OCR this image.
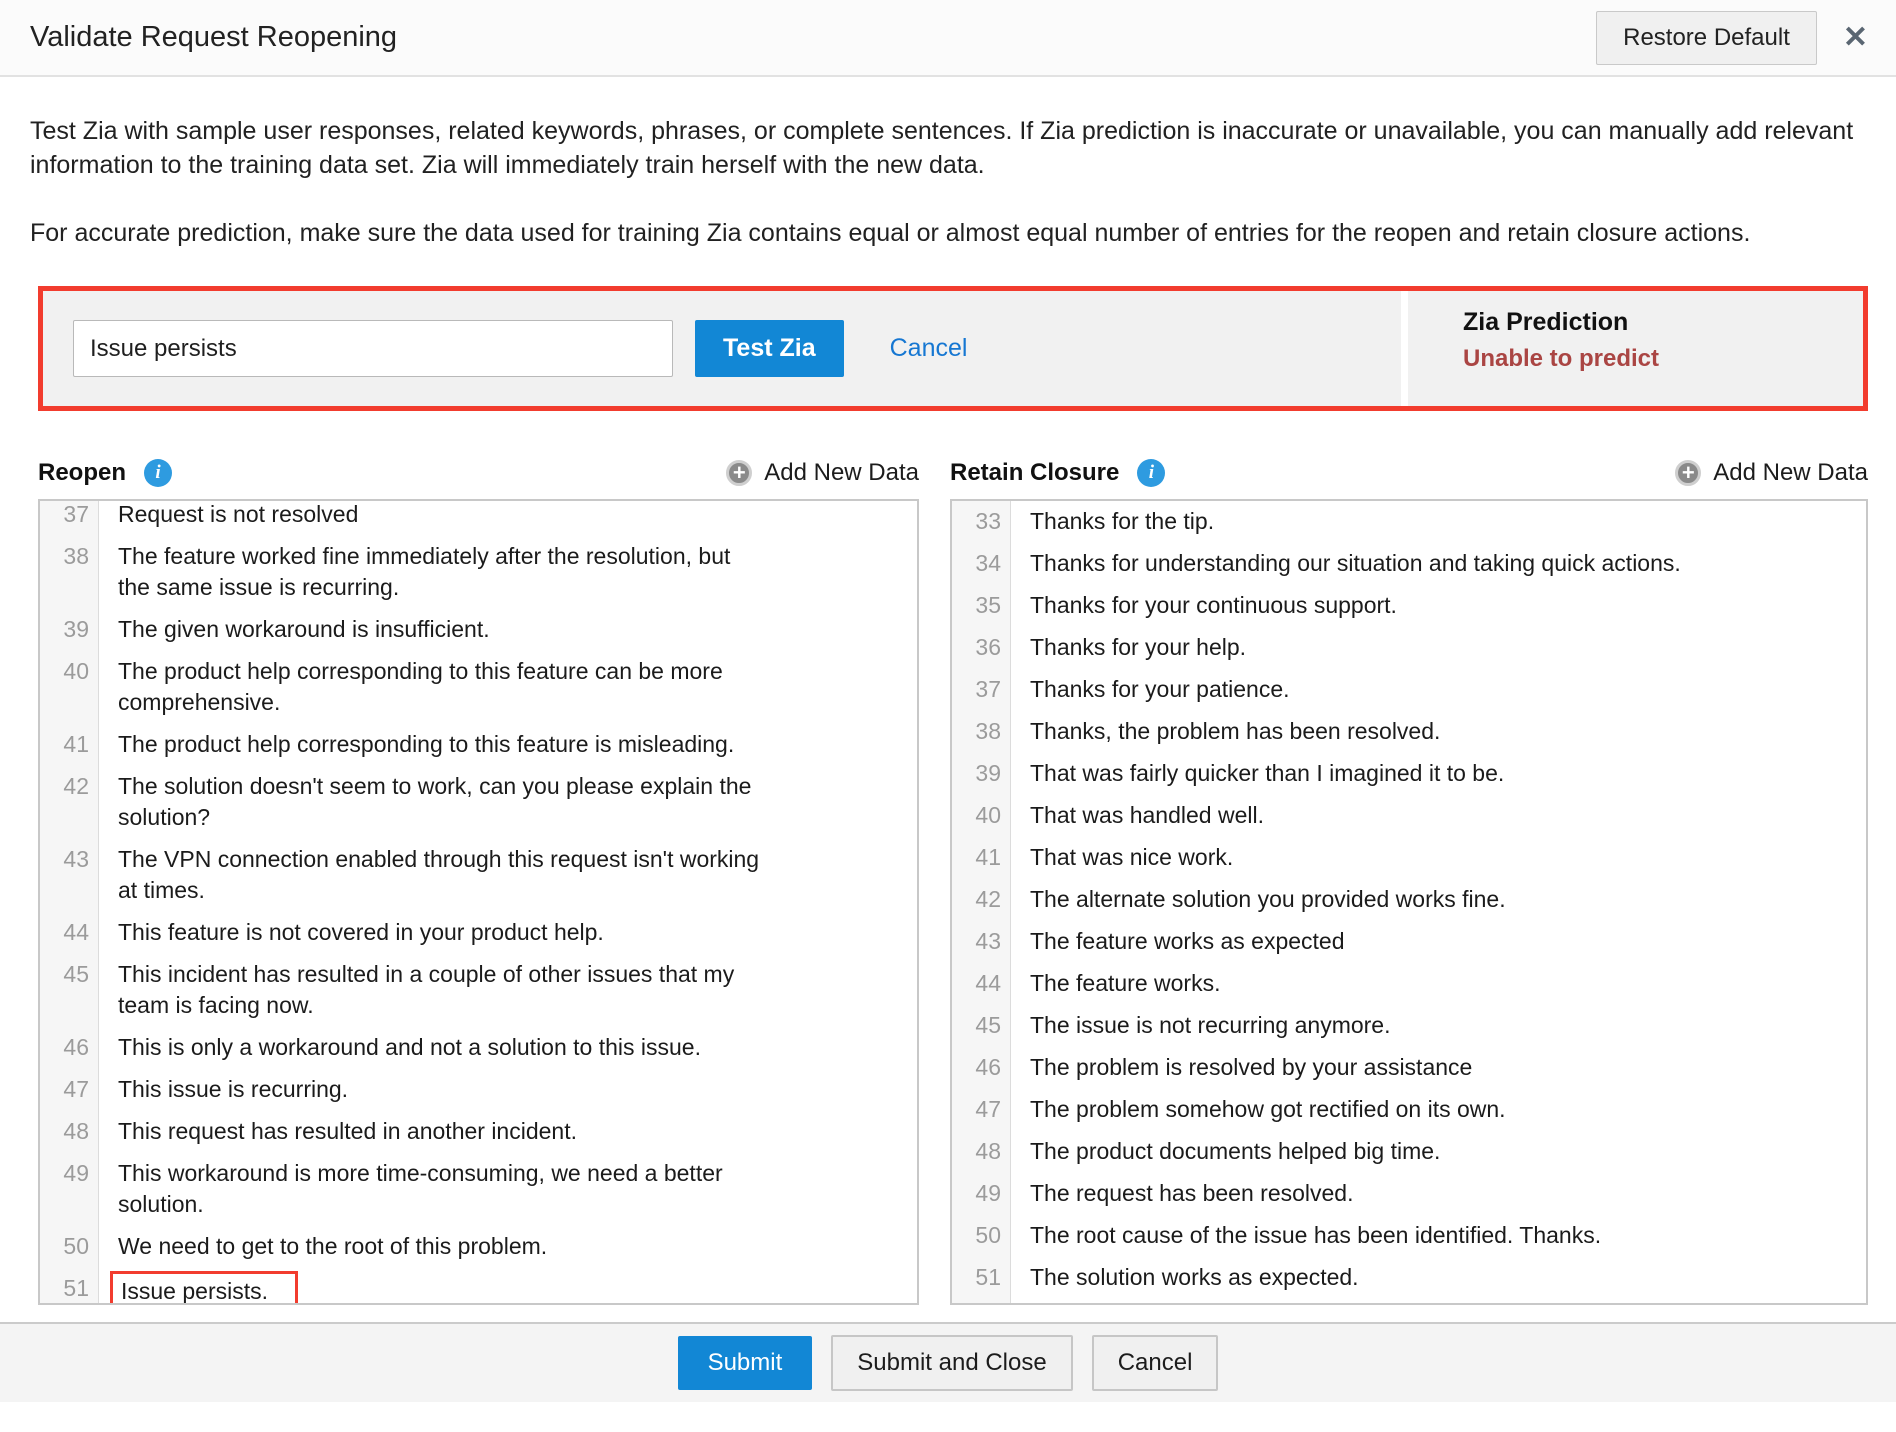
Validate Request Reopening	Restore Default	✕

Test Zia with sample user responses, related keywords, phrases, or complete sentences. If Zia prediction is inaccurate or unavailable, you can manually add relevant information to the training data set. Zia will immediately train herself with the new data.

For accurate prediction, make sure the data used for training Zia contains equal or almost equal number of entries for the reopen and retain closure actions.

Issue persists
Test Zia	Cancel
Zia Prediction
Unable to predict
Reopen	i	+ Add New Data
37	Request is not resolved
38	The feature worked fine immediately after the resolution, but the same issue is recurring.
39	The given workaround is insufficient.
40	The product help corresponding to this feature can be more comprehensive.
41	The product help corresponding to this feature is misleading.
42	The solution doesn't seem to work, can you please explain the solution?
43	The VPN connection enabled through this request isn't working at times.
44	This feature is not covered in your product help.
45	This incident has resulted in a couple of other issues that my team is facing now.
46	This is only a workaround and not a solution to this issue.
47	This issue is recurring.
48	This request has resulted in another incident.
49	This workaround is more time-consuming, we need a better solution.
50	We need to get to the root of this problem.
51	Issue persists.
Retain Closure	i	+ Add New Data
33	Thanks for the tip.
34	Thanks for understanding our situation and taking quick actions.
35	Thanks for your continuous support.
36	Thanks for your help.
37	Thanks for your patience.
38	Thanks, the problem has been resolved.
39	That was fairly quicker than I imagined it to be.
40	That was handled well.
41	That was nice work.
42	The alternate solution you provided works fine.
43	The feature works as expected
44	The feature works.
45	The issue is not recurring anymore.
46	The problem is resolved by your assistance
47	The problem somehow got rectified on its own.
48	The product documents helped big time.
49	The request has been resolved.
50	The root cause of the issue has been identified. Thanks.
51	The solution works as expected.
Submit	Submit and Close	Cancel
